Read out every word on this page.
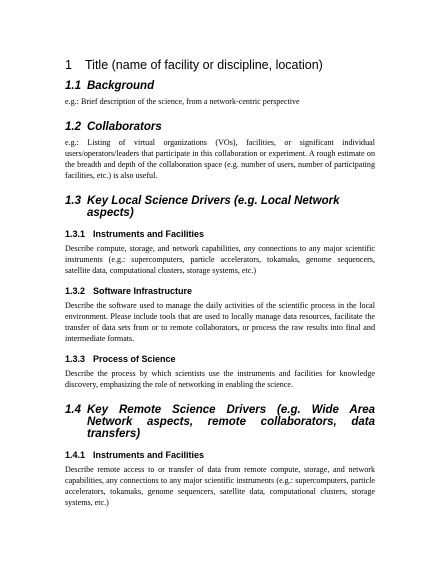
1	Title (name of facility or discipline, location)
1.1 Background

e.g.: Brief description of the science, from a network-centric perspective

1.2 Collaborators

e.g.: Listing of virtual organizations (VOs), facilities, or significant individual users/operators/leaders that participate in this collaboration or experiment. A rough estimate on the breadth and depth of the collaboration space (e.g. number of users, number of participating facilities, etc.) is also useful.

1.3 Key Local Science Drivers (e.g. Local Network aspects)
1.3.1 Instruments and Facilities

Describe compute, storage, and network capabilities, any connections to any major scientific instruments (e.g.: supercomputers, particle accelerators, tokamaks, genome sequencers, satellite data, computational clusters, storage systems, etc.)

1.3.2 Software Infrastructure

Describe the software used to manage the daily activities of the scientific process in the local environment. Please include tools that are used to locally manage data resources, facilitate the transfer of data sets from or to remote collaborators, or process the raw results into final and intermediate formats.

1.3.3 Process of Science

Describe the process by which scientists use the instruments and facilities for knowledge discovery, emphasizing the role of networking in enabling the science.

1.4 Key Remote Science Drivers (e.g. Wide Area Network aspects, remote collaborators, data transfers)
1.4.1 Instruments and Facilities

Describe remote access to or transfer of data from remote compute, storage, and network capabilities, any connections to any major scientific instruments (e.g.: supercomputers, particle accelerators, tokamaks, genome sequencers, satellite data, computational clusters, storage systems, etc.)
